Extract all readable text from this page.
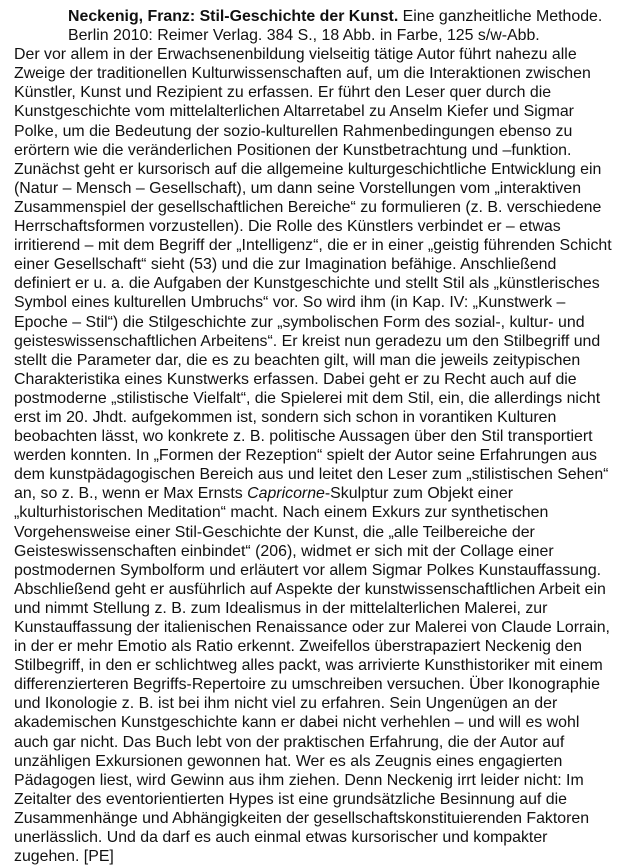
Neckenig, Franz: Stil-Geschichte der Kunst. Eine ganzheitliche Methode.
Berlin 2010: Reimer Verlag. 384 S., 18 Abb. in Farbe, 125 s/w-Abb.
Der vor allem in der Erwachsenenbildung vielseitig tätige Autor führt nahezu alle
Zweige der traditionellen Kulturwissenschaften auf, um die Interaktionen zwischen
Künstler, Kunst und Rezipient zu erfassen. Er führt den Leser quer durch die
Kunstgeschichte vom mittelalterlichen Altarretabel zu Anselm Kiefer und Sigmar
Polke, um die Bedeutung der sozio-kulturellen Rahmenbedingungen ebenso zu
erörtern wie die veränderlichen Positionen der Kunstbetrachtung und –funktion.
Zunächst geht er kursorisch auf die allgemeine kulturgeschichtliche Entwicklung ein
(Natur – Mensch – Gesellschaft), um dann seine Vorstellungen vom „interaktiven
Zusammenspiel der gesellschaftlichen Bereiche“ zu formulieren (z. B. verschiedene
Herrschaftsformen vorzustellen). Die Rolle des Künstlers verbindet er – etwas
irritierend – mit dem Begriff der „Intelligenz“, die er in einer „geistig führenden Schicht
einer Gesellschaft“ sieht (53) und die zur Imagination befähige. Anschließend
definiert er u. a. die Aufgaben der Kunstgeschichte und stellt Stil als „künstlerisches
Symbol eines kulturellen Umbruchs“ vor. So wird ihm (in Kap. IV: „Kunstwerk –
Epoche – Stil“) die Stilgeschichte zur „symbolischen Form des sozial-, kultur- und
geisteswissenschaftlichen Arbeitens“. Er kreist nun geradezu um den Stilbegriff und
stellt die Parameter dar, die es zu beachten gilt, will man die jeweils zeitypischen
Charakteristika eines Kunstwerks erfassen. Dabei geht er zu Recht auch auf die
postmoderne „stilistische Vielfalt“, die Spielerei mit dem Stil, ein, die allerdings nicht
erst im 20. Jhdt. aufgekommen ist, sondern sich schon in vorantiken Kulturen
beobachten lässt, wo konkrete z. B. politische Aussagen über den Stil transportiert
werden konnten. In „Formen der Rezeption“ spielt der Autor seine Erfahrungen aus
dem kunstpädagogischen Bereich aus und leitet den Leser zum „stilistischen Sehen“
an, so z. B., wenn er Max Ernsts Capricorne-Skulptur zum Objekt einer
„kulturhistorischen Meditation“ macht. Nach einem Exkurs zur synthetischen
Vorgehensweise einer Stil-Geschichte der Kunst, die „alle Teilbereiche der
Geisteswissenschaften einbindet“ (206), widmet er sich mit der Collage einer
postmodernen Symbolform und erläutert vor allem Sigmar Polkes Kunstauffassung.
Abschließend geht er ausführlich auf Aspekte der kunstwissenschaftlichen Arbeit ein
und nimmt Stellung z. B. zum Idealismus in der mittelalterlichen Malerei, zur
Kunstauffassung der italienischen Renaissance oder zur Malerei von Claude Lorrain,
in der er mehr Emotio als Ratio erkennt. Zweifellos überstrapaziert Neckenig den
Stilbegriff, in den er schlichtweg alles packt, was arrivierte Kunsthistoriker mit einem
differenzierteren Begriffs-Repertoire zu umschreiben versuchen. Über Ikonographie
und Ikonologie z. B. ist bei ihm nicht viel zu erfahren. Sein Ungenügen an der
akademischen Kunstgeschichte kann er dabei nicht verhehlen – und will es wohl
auch gar nicht. Das Buch lebt von der praktischen Erfahrung, die der Autor auf
unzähligen Exkursionen gewonnen hat. Wer es als Zeugnis eines engagierten
Pädagogen liest, wird Gewinn aus ihm ziehen. Denn Neckenig irrt leider nicht: Im
Zeitalter des eventorientierten Hypes ist eine grundsätzliche Besinnung auf die
Zusammenhänge und Abhängigkeiten der gesellschaftskonstituierenden Faktoren
unerlässlich. Und da darf es auch einmal etwas kursorischer und kompakter
zugehen. [PE]
